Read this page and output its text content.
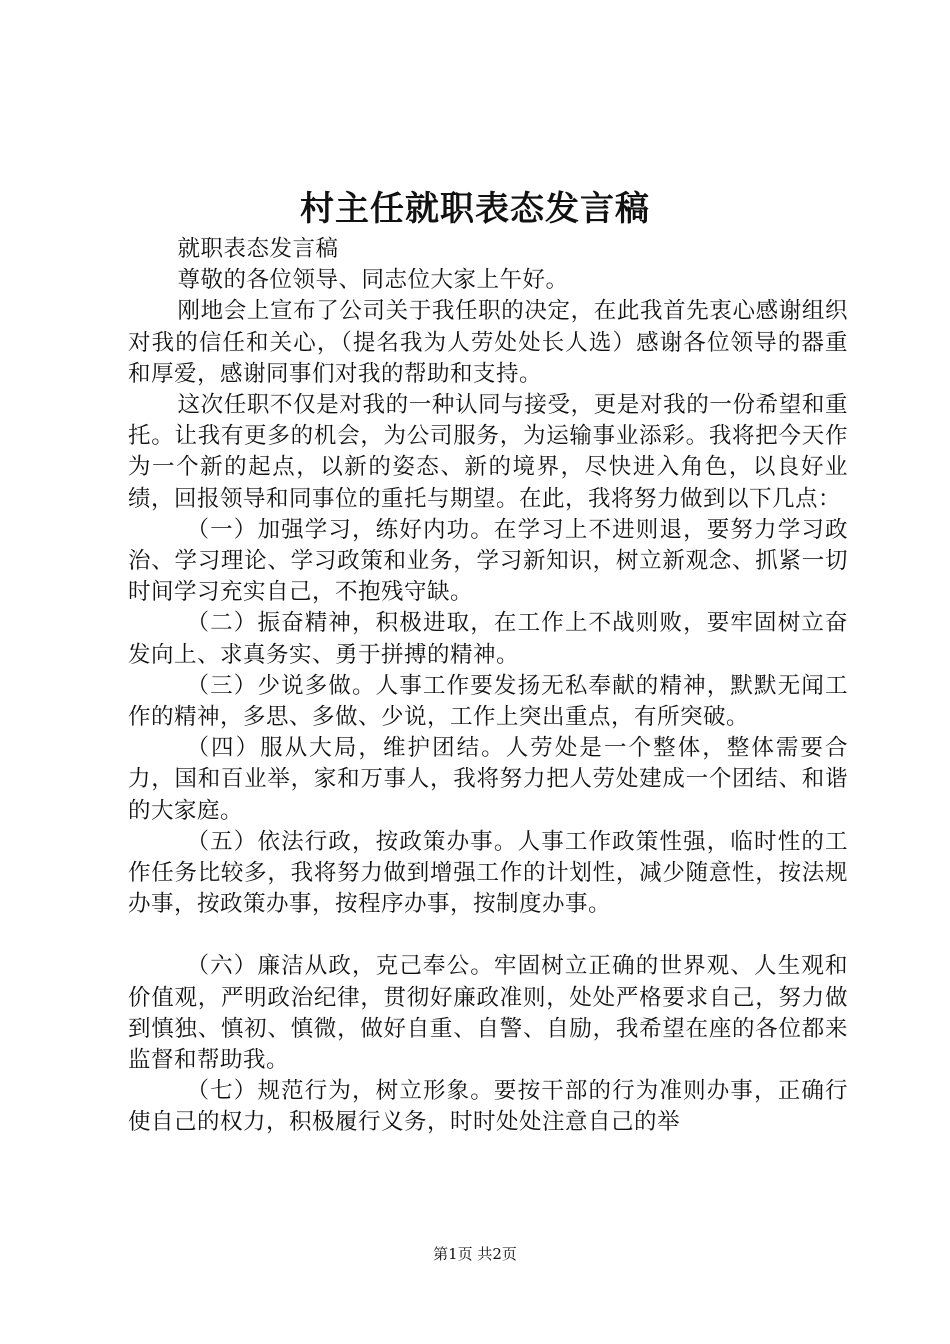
村主任就职表态发言稿

就职表态发言稿

尊敬的各位领导、同志位大家上午好。

刚地会上宣布了公司关于我任职的决定，在此我首先衷心感谢组织对我的信任和关心，（提名我为人劳处处长人选）感谢各位领导的器重和厚爱，感谢同事们对我的帮助和支持。

这次任职不仅是对我的一种认同与接受，更是对我的一份希望和重托。让我有更多的机会，为公司服务，为运输事业添彩。我将把今天作为一个新的起点，以新的姿态、新的境界，尽快进入角色，以良好业绩，回报领导和同事位的重托与期望。在此，我将努力做到以下几点：

（一）加强学习，练好内功。在学习上不进则退，要努力学习政治、学习理论、学习政策和业务，学习新知识，树立新观念、抓紧一切时间学习充实自己，不抱残守缺。

（二）振奋精神，积极进取，在工作上不战则败，要牢固树立奋发向上、求真务实、勇于拼搏的精神。

（三）少说多做。人事工作要发扬无私奉献的精神，默默无闻工作的精神，多思、多做、少说，工作上突出重点，有所突破。

（四）服从大局，维护团结。人劳处是一个整体，整体需要合力，国和百业举，家和万事人，我将努力把人劳处建成一个团结、和谐的大家庭。

（五）依法行政，按政策办事。人事工作政策性强，临时性的工作任务比较多，我将努力做到增强工作的计划性，减少随意性，按法规办事，按政策办事，按程序办事，按制度办事。

（六）廉洁从政，克己奉公。牢固树立正确的世界观、人生观和价值观，严明政治纪律，贯彻好廉政准则，处处严格要求自己，努力做到慎独、慎初、慎微，做好自重、自警、自励，我希望在座的各位都来监督和帮助我。

（七）规范行为，树立形象。要按干部的行为准则办事，正确行使自己的权力，积极履行义务，时时处处注意自己的举

第1页 共2页
